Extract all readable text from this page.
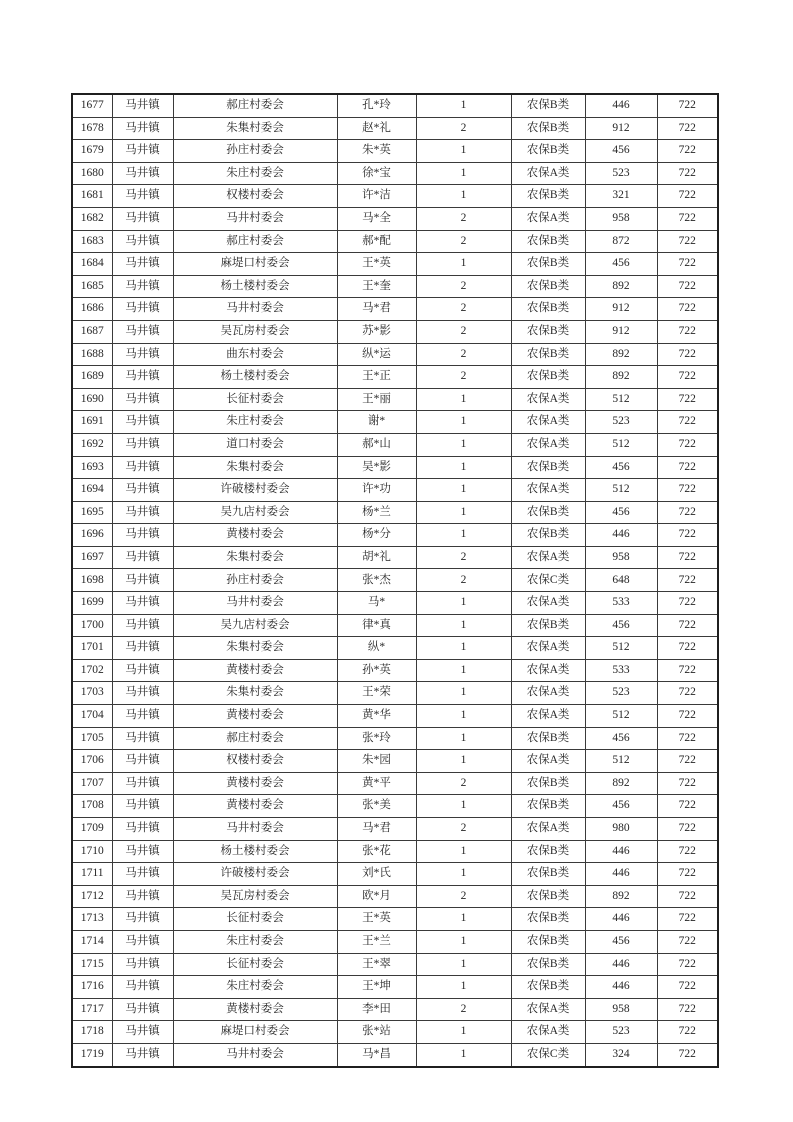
1677	马井镇	郝庄村委会	孔*玲	1	农保B类	446	722
1678	马井镇	朱集村委会	赵*礼	2	农保B类	912	722
1679	马井镇	孙庄村委会	朱*英	1	农保B类	456	722
1680	马井镇	朱庄村委会	徐*宝	1	农保A类	523	722
1681	马井镇	权楼村委会	许*洁	1	农保B类	321	722
1682	马井镇	马井村委会	马*全	2	农保A类	958	722
1683	马井镇	郝庄村委会	郝*配	2	农保B类	872	722
1684	马井镇	麻堤口村委会	王*英	1	农保B类	456	722
1685	马井镇	杨土楼村委会	王*奎	2	农保B类	892	722
1686	马井镇	马井村委会	马*君	2	农保B类	912	722
1687	马井镇	吴瓦房村委会	苏*影	2	农保B类	912	722
1688	马井镇	曲东村委会	纵*运	2	农保B类	892	722
1689	马井镇	杨土楼村委会	王*正	2	农保B类	892	722
1690	马井镇	长征村委会	王*丽	1	农保A类	512	722
1691	马井镇	朱庄村委会	谢*	1	农保A类	523	722
1692	马井镇	道口村委会	郝*山	1	农保A类	512	722
1693	马井镇	朱集村委会	吴*影	1	农保B类	456	722
1694	马井镇	许破楼村委会	许*功	1	农保A类	512	722
1695	马井镇	吴九店村委会	杨*兰	1	农保B类	456	722
1696	马井镇	黄楼村委会	杨*分	1	农保B类	446	722
1697	马井镇	朱集村委会	胡*礼	2	农保A类	958	722
1698	马井镇	孙庄村委会	张*杰	2	农保C类	648	722
1699	马井镇	马井村委会	马*	1	农保A类	533	722
1700	马井镇	吴九店村委会	律*真	1	农保B类	456	722
1701	马井镇	朱集村委会	纵*	1	农保A类	512	722
1702	马井镇	黄楼村委会	孙*英	1	农保A类	533	722
1703	马井镇	朱集村委会	王*荣	1	农保A类	523	722
1704	马井镇	黄楼村委会	黄*华	1	农保A类	512	722
1705	马井镇	郝庄村委会	张*玲	1	农保B类	456	722
1706	马井镇	权楼村委会	朱*园	1	农保A类	512	722
1707	马井镇	黄楼村委会	黄*平	2	农保B类	892	722
1708	马井镇	黄楼村委会	张*美	1	农保B类	456	722
1709	马井镇	马井村委会	马*君	2	农保A类	980	722
1710	马井镇	杨土楼村委会	张*花	1	农保B类	446	722
1711	马井镇	许破楼村委会	刘*氏	1	农保B类	446	722
1712	马井镇	吴瓦房村委会	欧*月	2	农保B类	892	722
1713	马井镇	长征村委会	王*英	1	农保B类	446	722
1714	马井镇	朱庄村委会	王*兰	1	农保B类	456	722
1715	马井镇	长征村委会	王*翠	1	农保B类	446	722
1716	马井镇	朱庄村委会	王*坤	1	农保B类	446	722
1717	马井镇	黄楼村委会	李*田	2	农保A类	958	722
1718	马井镇	麻堤口村委会	张*站	1	农保A类	523	722
1719	马井镇	马井村委会	马*昌	1	农保C类	324	722
